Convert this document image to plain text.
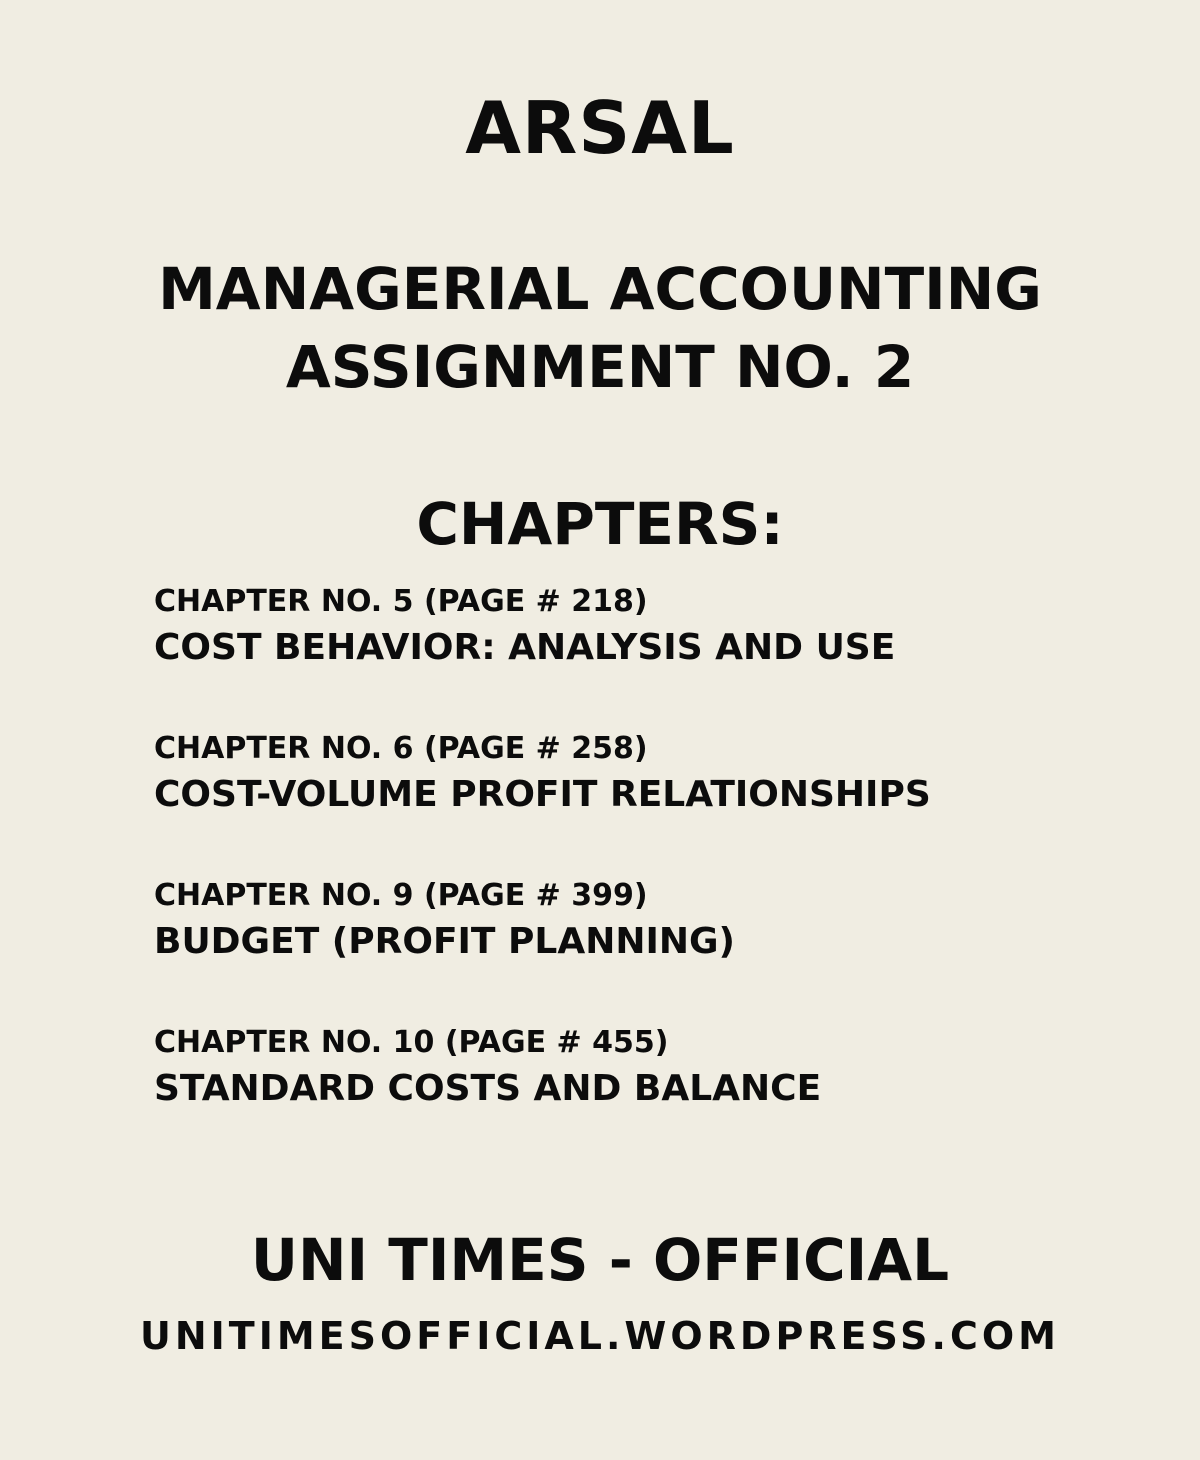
ARSAL
MANAGERIAL ACCOUNTING
ASSIGNMENT NO. 2
CHAPTERS:
CHAPTER NO. 5 (PAGE # 218)
COST BEHAVIOR: ANALYSIS AND USE
CHAPTER NO. 6 (PAGE # 258)
COST-VOLUME PROFIT RELATIONSHIPS
CHAPTER NO. 9 (PAGE # 399)
BUDGET (PROFIT PLANNING)
CHAPTER NO. 10 (PAGE # 455)
STANDARD COSTS AND BALANCE
UNI TIMES - OFFICIAL
UNITIMESOFFICIAL.WORDPRESS.COM
